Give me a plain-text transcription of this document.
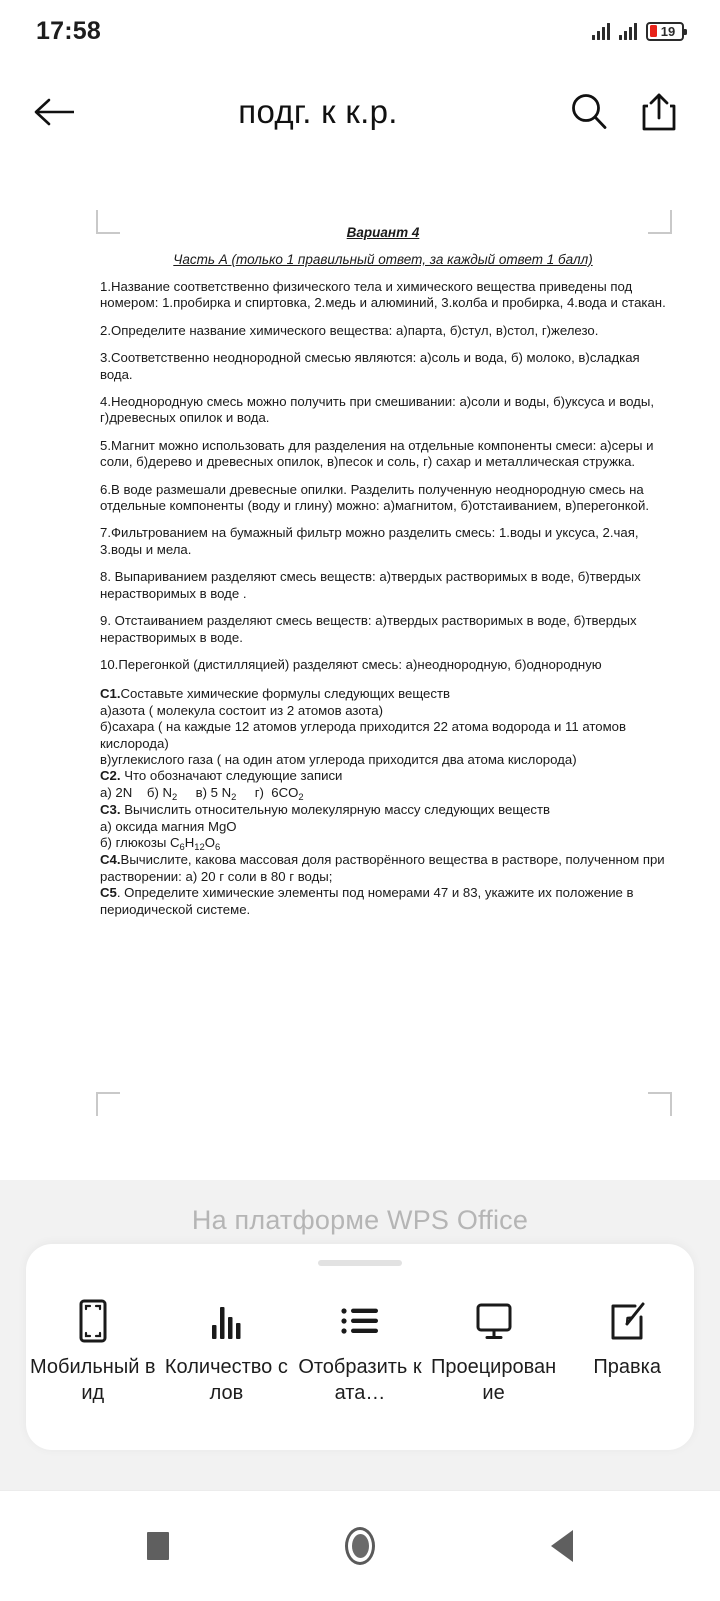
17:58	19
подг. к к.р.
Вариант 4
Часть А (только 1 правильный ответ, за каждый ответ 1 балл)
1.Название соответственно физического тела и химического вещества приведены под номером: 1.пробирка и спиртовка, 2.медь и алюминий, 3.колба и пробирка, 4.вода и стакан.
2.Определите название химического вещества: а)парта, б)стул, в)стол, г)железо.
3.Соответственно неоднородной смесью являются: а)соль и вода, б) молоко, в)сладкая вода.
4.Неоднородную смесь можно получить при смешивании: а)соли и воды, б)уксуса и воды, г)древесных опилок и вода.
5.Магнит можно использовать для разделения на отдельные компоненты смеси: а)серы и соли, б)дерево и древесных опилок, в)песок и соль, г) сахар и металлическая стружка.
6.В воде размешали древесные опилки. Разделить полученную неоднородную смесь на отдельные компоненты (воду и глину) можно: а)магнитом, б)отстаиванием, в)перегонкой.
7.Фильтрованием на бумажный фильтр можно разделить смесь: 1.воды и уксуса, 2.чая, 3.воды и мела.
8. Выпариванием разделяют смесь веществ: а)твердых растворимых в воде, б)твердых нерастворимых в воде .
9. Отстаиванием разделяют смесь веществ: а)твердых растворимых в воде, б)твердых нерастворимых в воде.
10.Перегонкой (дистилляцией) разделяют смесь: а)неоднородную, б)однородную
C1.Составьте химические формулы следующих веществ
а)азота ( молекула состоит из 2 атомов азота)
б)сахара ( на каждые 12 атомов углерода приходится 22 атома водорода и 11 атомов кислорода)
в)углекислого газа ( на один атом углерода приходится два атома кислорода)
C2. Что обозначают следующие записи
а) 2N    б) $N_2$     в) 5 $N_2$     г)  $6CO_2$
C3. Вычислить относительную молекулярную массу следующих веществ
а) оксида магния MgO
б) глюкозы $C_6H_{12}O_6$
C4.Вычислите, какова массовая доля растворённого вещества в растворе, полученном при растворении: а) 20 г соли в 80 г воды;
C5. Определите химические элементы под номерами 47 и 83, укажите их положение в периодической системе.
На платформе WPS Office
Мобильный вид
Количество слов
Отобразить ката…
Проецирование
Правка
